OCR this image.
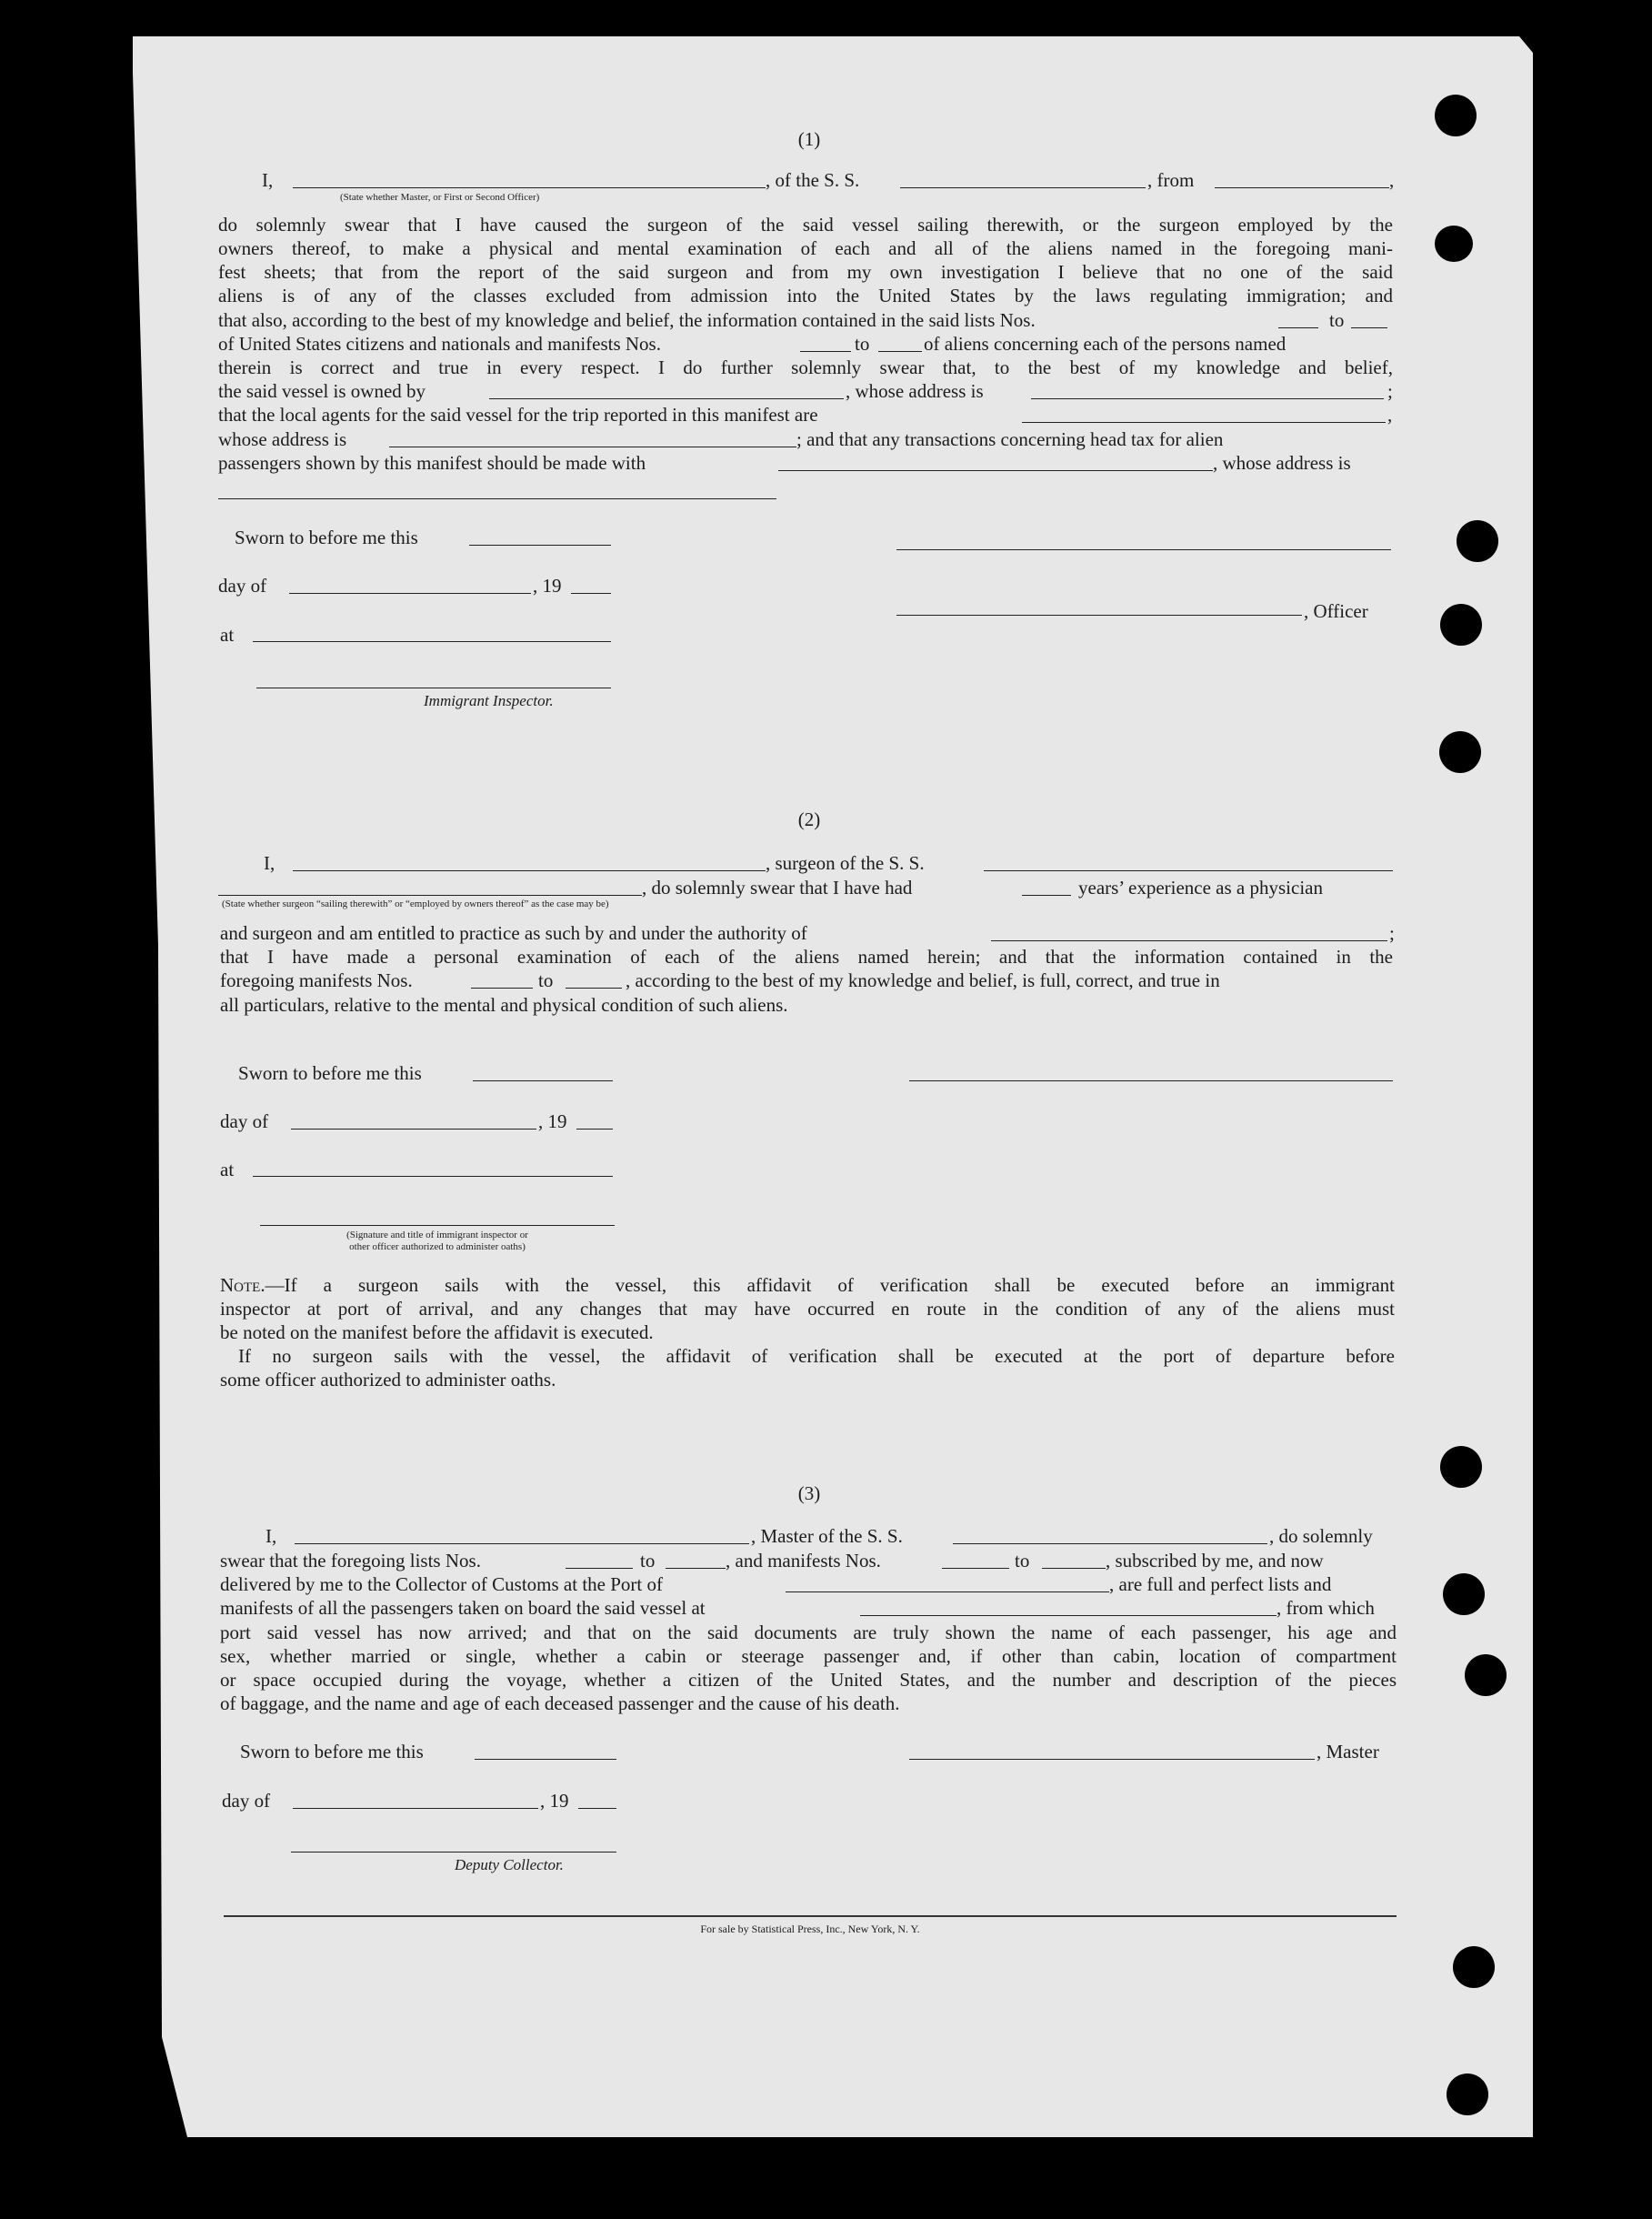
(1)
I,	, of the S. S.	, from	,
(State whether Master, or First or Second Officer)
do solemnly swear that I have caused the surgeon of the said vessel sailing therewith, or the surgeon employed by the
owners thereof, to make a physical and mental examination of each and all of the aliens named in the foregoing mani-
fest sheets; that from the report of the said surgeon and from my own investigation I believe that no one of the said
aliens is of any of the classes excluded from admission into the United States by the laws regulating immigration; and
that also, according to the best of my knowledge and belief, the information contained in the said lists Nos.	to
of United States citizens and nationals and manifests Nos.	to	of aliens concerning each of the persons named
therein is correct and true in every respect. I do further solemnly swear that, to the best of my knowledge and belief,
the said vessel is owned by	, whose address is	;
that the local agents for the said vessel for the trip reported in this manifest are	,
whose address is	; and that any transactions concerning head tax for alien
passengers shown by this manifest should be made with	, whose address is
Sworn to before me this
day of	, 19
, Officer
at
Immigrant Inspector.
(2)
I,	, surgeon of the S. S.
, do solemnly swear that I have had	years’ experience as a physician
(State whether surgeon “sailing therewith” or “employed by owners thereof” as the case may be)
and surgeon and am entitled to practice as such by and under the authority of	;
that I have made a personal examination of each of the aliens named herein; and that the information contained in the
foregoing manifests Nos.	to	, according to the best of my knowledge and belief, is full, correct, and true in
all particulars, relative to the mental and physical condition of such aliens.
Sworn to before me this
day of	, 19
at
(Signature and title of immigrant inspector or
other officer authorized to administer oaths)
Note.—If a surgeon sails with the vessel, this affidavit of verification shall be executed before an immigrant
inspector at port of arrival, and any changes that may have occurred en route in the condition of any of the aliens must
be noted on the manifest before the affidavit is executed.
If no surgeon sails with the vessel, the affidavit of verification shall be executed at the port of departure before
some officer authorized to administer oaths.
(3)
I,	, Master of the S. S.	, do solemnly
swear that the foregoing lists Nos.	to	, and manifests Nos.	to	, subscribed by me, and now
delivered by me to the Collector of Customs at the Port of	, are full and perfect lists and
manifests of all the passengers taken on board the said vessel at	, from which
port said vessel has now arrived; and that on the said documents are truly shown the name of each passenger, his age and
sex, whether married or single, whether a cabin or steerage passenger and, if other than cabin, location of compartment
or space occupied during the voyage, whether a citizen of the United States, and the number and description of the pieces
of baggage, and the name and age of each deceased passenger and the cause of his death.
Sworn to before me this	, Master
day of	, 19
Deputy Collector.
For sale by Statistical Press, Inc., New York, N. Y.
